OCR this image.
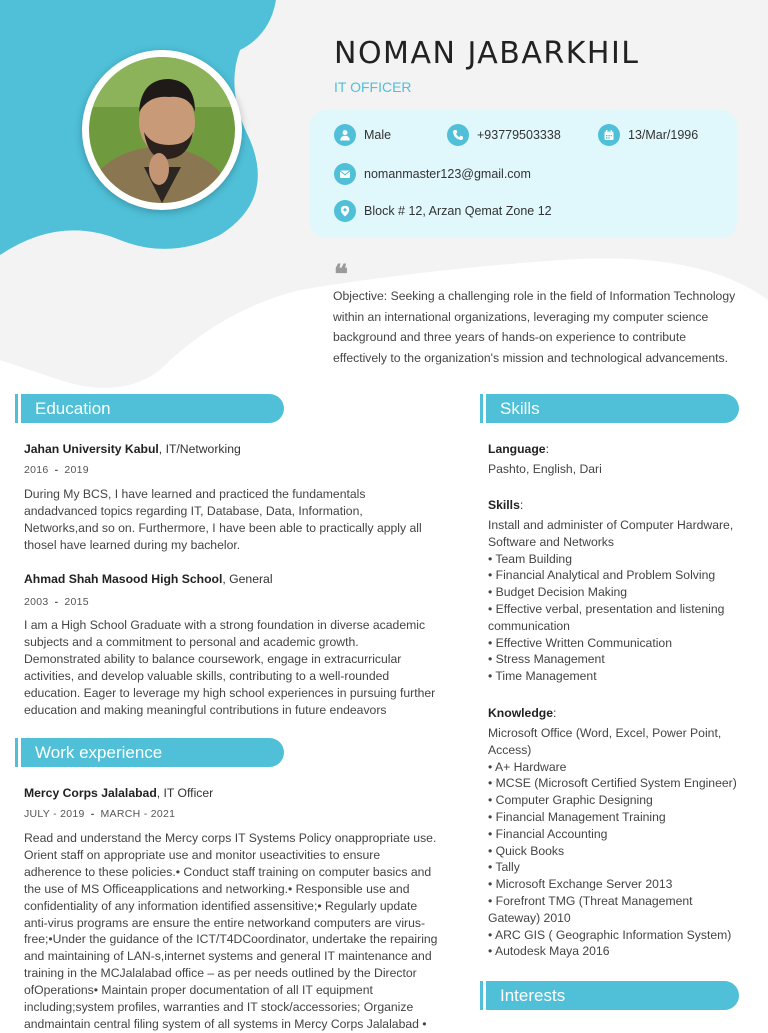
NOMAN JABARKHIL
IT OFFICER
Male	+93779503338	13/Mar/1996
nomanmaster123@gmail.com
Block # 12, Arzan Qemat Zone 12
❝
Objective: Seeking a challenging role in the field of Information Technology within an international organizations, leveraging my computer science background and three years of hands-on experience to contribute effectively to the organization's mission and technological advancements.
Education
Jahan University Kabul, IT/Networking
2016 - 2019
During My BCS, I have learned and practiced the fundamentals andadvanced topics regarding IT, Database, Data, Information, Networks,and so on. Furthermore, I have been able to practically apply all thosel have learned during my bachelor.
Ahmad Shah Masood High School, General
2003 - 2015
I am a High School Graduate with a strong foundation in diverse academic subjects and a commitment to personal and academic growth. Demonstrated ability to balance coursework, engage in extracurricular activities, and develop valuable skills, contributing to a well-rounded education. Eager to leverage my high school experiences in pursuing further education and making meaningful contributions in future endeavors
Work experience
Mercy Corps Jalalabad, IT Officer
JULY - 2019 - MARCH - 2021
Read and understand the Mercy corps IT Systems Policy onappropriate use. Orient staff on appropriate use and monitor useactivities to ensure adherence to these policies.• Conduct staff training on computer basics and the use of MS Officeapplications and networking.• Responsible use and confidentiality of any information identified assensitive;• Regularly update anti-virus programs are ensure the entire networkand computers are virus-free;•Under the guidance of the ICT/T4DCoordinator, undertake the repairing and maintaining of LAN-s,internet systems and general IT maintenance and training in the MCJalalabad office – as per needs outlined by the Director ofOperations• Maintain proper documentation of all IT equipment including;system profiles, warranties and IT stock/accessories; Organize andmaintain central filing system of all systems in Mercy Corps Jalalabad •
Skills
Language:
Pashto, English, Dari
Skills:
Install and administer of Computer Hardware, Software and Networks
• Team Building
• Financial Analytical and Problem Solving
• Budget Decision Making
• Effective verbal, presentation and listening communication
• Effective Written Communication
• Stress Management
• Time Management
Knowledge:
Microsoft Office (Word, Excel, Power Point, Access)
• A+ Hardware
• MCSE (Microsoft Certified System Engineer)
• Computer Graphic Designing
• Financial Management Training
• Financial Accounting
• Quick Books
• Tally
• Microsoft Exchange Server 2013
• Forefront TMG (Threat Management Gateway) 2010
• ARC GIS ( Geographic Information System)
• Autodesk Maya 2016
Interests
